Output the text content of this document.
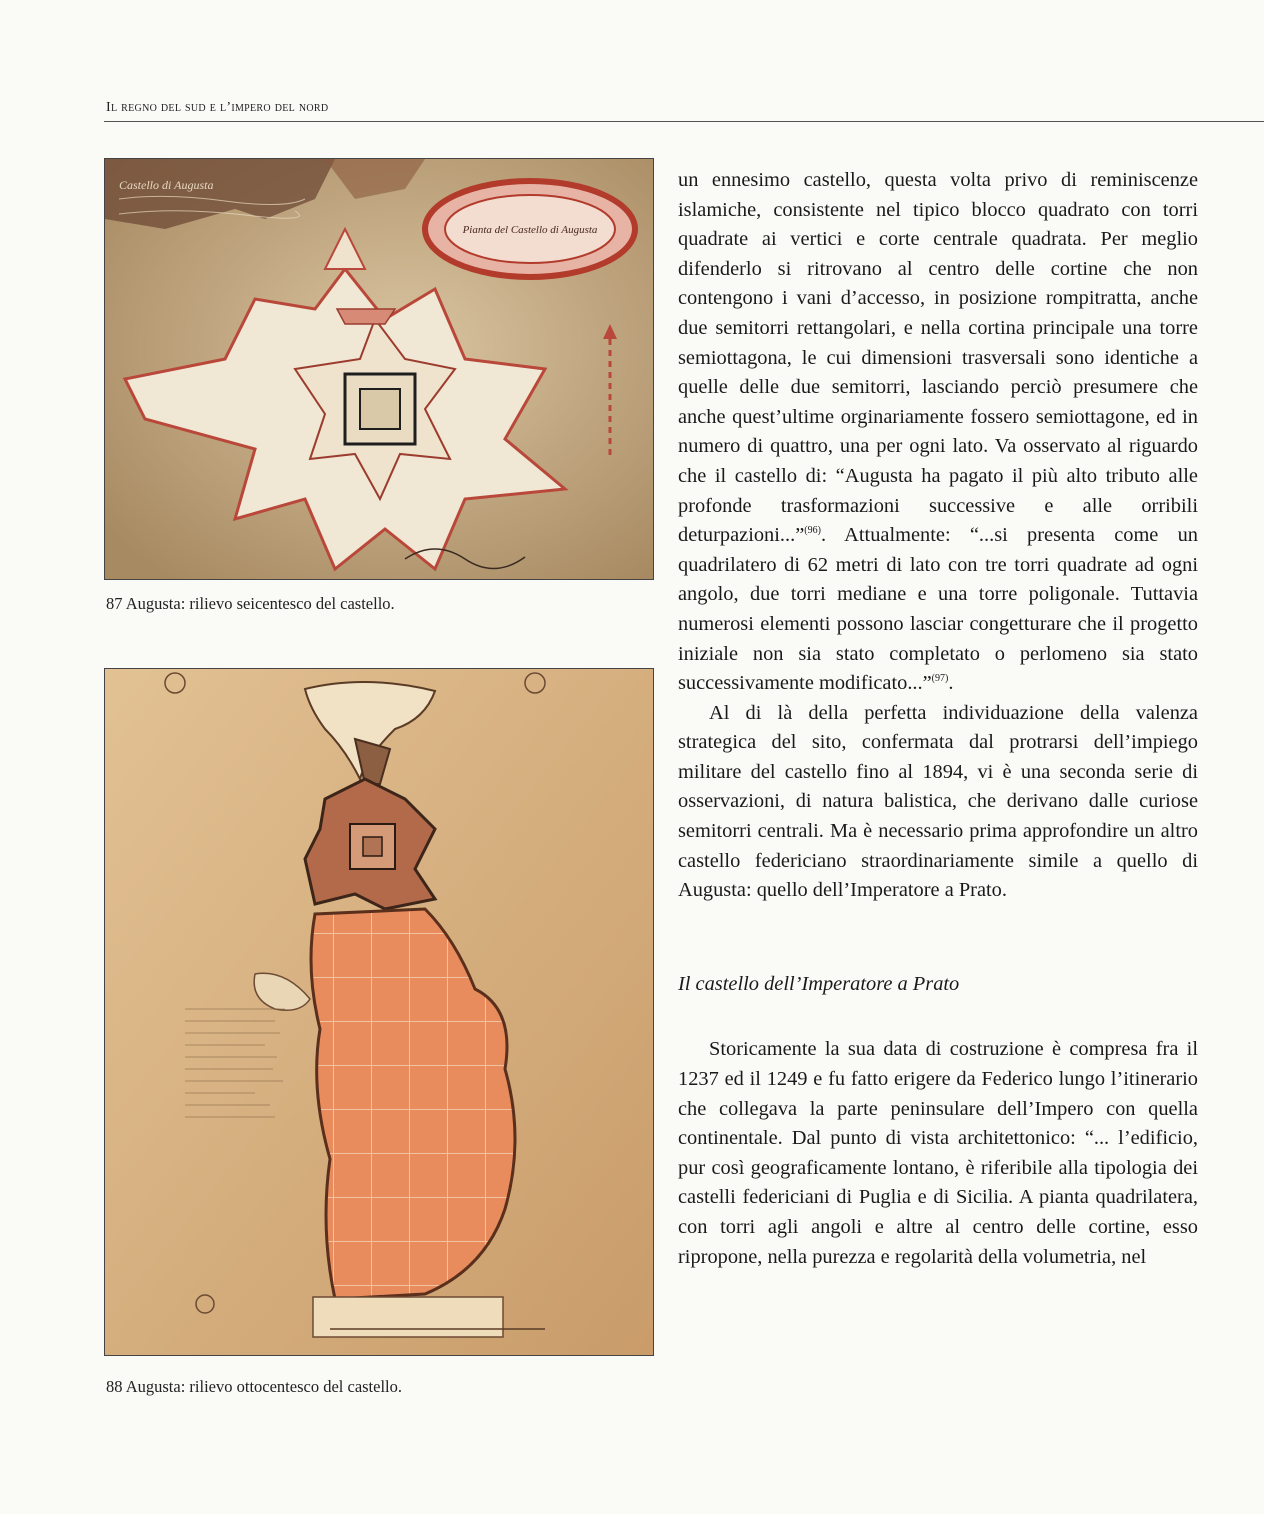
Il regno del sud e l’impero del nord
Pianta del Castello di Augusta
Castello di Augusta
87 Augusta: rilievo seicentesco del castello.
88 Augusta: rilievo ottocentesco del castello.

un ennesimo castello, questa volta privo di reminiscenze islamiche, consistente nel tipico blocco quadrato con torri quadrate ai vertici e corte centrale quadrata. Per meglio difenderlo si ritrovano al centro delle cortine che non contengono i vani d’accesso, in posizione rompitratta, anche due semitorri rettangolari, e nella cortina principale una torre semiottagona, le cui dimensioni trasversali sono identiche a quelle delle due semitorri, lasciando perciò presumere che anche quest’ultime orginariamente fossero semiottagone, ed in numero di quattro, una per ogni lato. Va osservato al riguardo che il castello di: “Augusta ha pagato il più alto tributo alle profonde trasformazioni successive e alle orribili deturpazioni...”$^{(96)}$. Attualmente: “...si presenta come un quadrilatero di 62 metri di lato con tre torri quadrate ad ogni angolo, due torri mediane e una torre poligonale. Tuttavia numerosi elementi possono lasciar congetturare che il progetto iniziale non sia stato completato o perlomeno sia stato successivamente modificato...”$^{(97)}$.

Al di là della perfetta individuazione della valenza strategica del sito, confermata dal protrarsi dell’impiego militare del castello fino al 1894, vi è una seconda serie di osservazioni, di natura balistica, che derivano dalle curiose semitorri centrali. Ma è necessario prima approfondire un altro castello federiciano straordinariamente simile a quello di Augusta: quello dell’Imperatore a Prato.

Il castello dell’Imperatore a Prato

Storicamente la sua data di costruzione è compresa fra il 1237 ed il 1249 e fu fatto erigere da Federico lungo l’itinerario che collegava la parte peninsulare dell’Impero con quella continentale. Dal punto di vista architettonico: “... l’edificio, pur così geograficamente lontano, è riferibile alla tipologia dei castelli federiciani di Puglia e di Sicilia. A pianta quadrilatera, con torri agli angoli e altre al centro delle cortine, esso ripropone, nella purezza e regolarità della volumetria, nel
